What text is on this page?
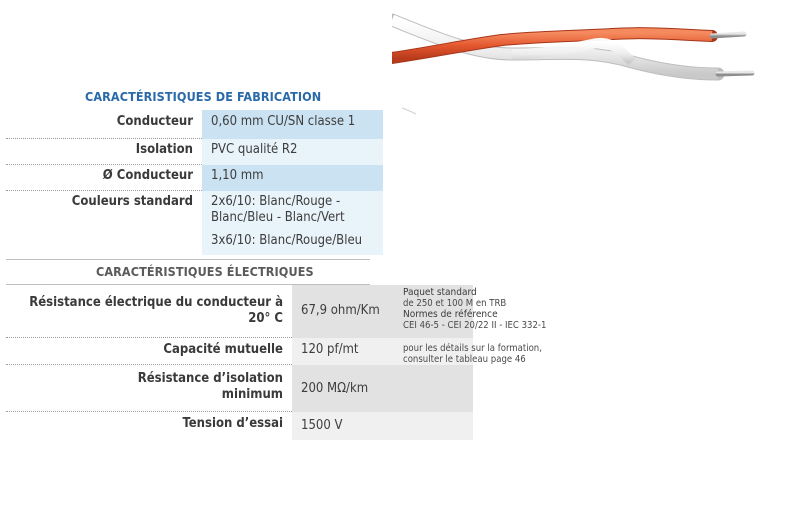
CARACTÉRISTIQUES DE FABRICATION
Conducteur	0,60 mm CU/SN classe 1
Isolation	PVC qualité R2
Ø Conducteur	1,10 mm
Couleurs standard	2x6/10: Blanc/Rouge - Blanc/Bleu - Blanc/Vert
3x6/10: Blanc/Rouge/Bleu
CARACTÉRISTIQUES ÉLECTRIQUES
Résistance électrique du conducteur à 20° C	67,9 ohm/Km
Capacité mutuelle	120 pf/mt
Résistance d’isolation minimum	200 MΩ/km
Tension d’essai	1500 V
Paquet standard
de 250 et 100 M en TRB
Normes de référence
CEI 46-5 - CEI 20/22 II - IEC 332-1
pour les détails sur la formation,
consulter le tableau page 46
